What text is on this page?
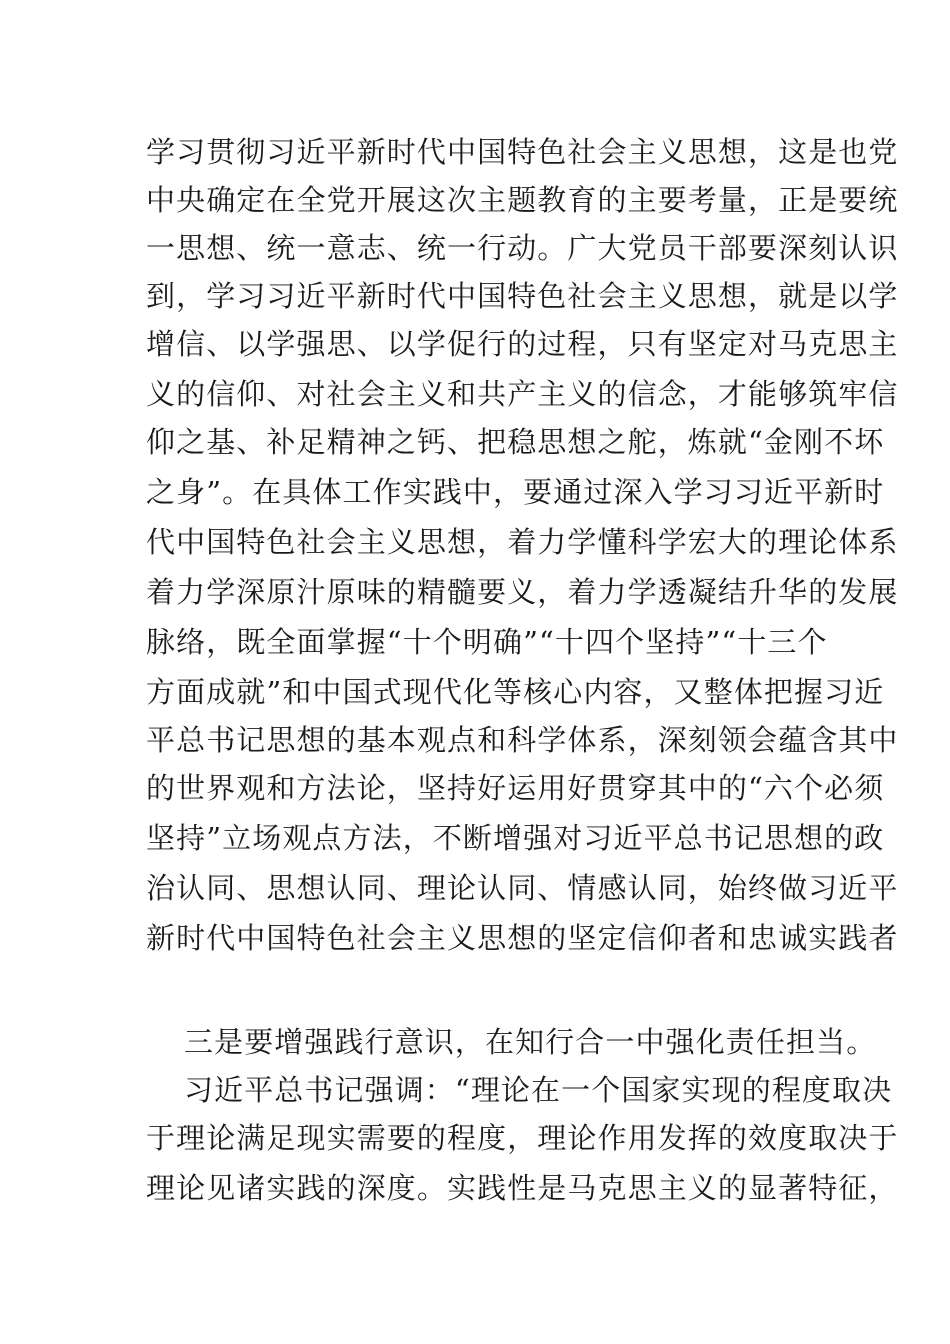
学习贯彻习近平新时代中国特色社会主义思想，这是也党
中央确定在全党开展这次主题教育的主要考量，正是要统
一思想、统一意志、统一行动。广大党员干部要深刻认识
到，学习习近平新时代中国特色社会主义思想，就是以学
增信、以学强思、以学促行的过程，只有坚定对马克思主
义的信仰、对社会主义和共产主义的信念，才能够筑牢信
仰之基、补足精神之钙、把稳思想之舵，炼就“金刚不坏
之身”。在具体工作实践中，要通过深入学习习近平新时
代中国特色社会主义思想，着力学懂科学宏大的理论体系
着力学深原汁原味的精髓要义，着力学透凝结升华的发展
脉络，既全面掌握“十个明确”“十四个坚持”“十三个
方面成就”和中国式现代化等核心内容，又整体把握习近
平总书记思想的基本观点和科学体系，深刻领会蕴含其中
的世界观和方法论，坚持好运用好贯穿其中的“六个必须
坚持”立场观点方法，不断增强对习近平总书记思想的政
治认同、思想认同、理论认同、情感认同，始终做习近平
新时代中国特色社会主义思想的坚定信仰者和忠诚实践者
三是要增强践行意识，在知行合一中强化责任担当。
习近平总书记强调：“理论在一个国家实现的程度取决
于理论满足现实需要的程度，理论作用发挥的效度取决于
理论见诸实践的深度。实践性是马克思主义的显著特征，
